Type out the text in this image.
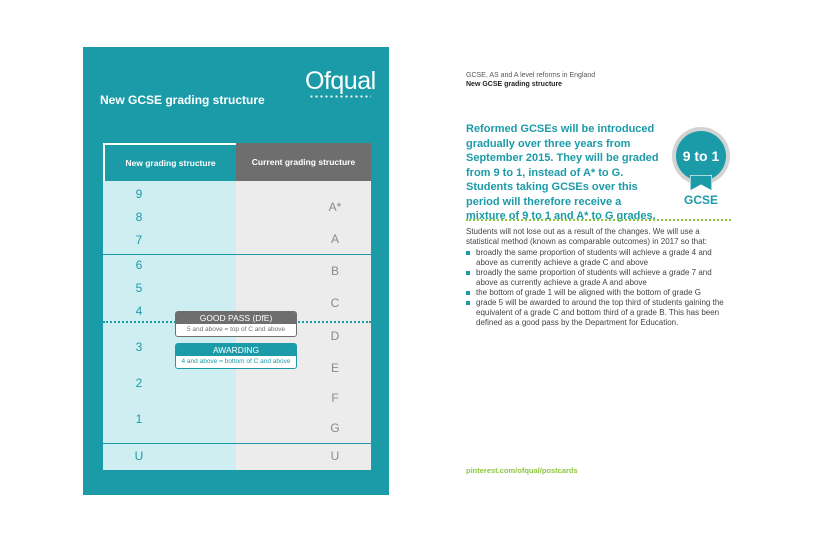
Ofqual
New GCSE grading structure
New grading structure	Current grading structure
9
8
7
6
5
4
3
2
1
U
A*
A
B
C
D
E
F
G
U
GOOD PASS (DfE)
5 and above = top of C and above
AWARDING
4 and above = bottom of C and above
GCSE, AS and A level reforms in England
New GCSE grading structure
Reformed GCSEs will be introduced gradually over three years from September 2015. They will be graded from 9 to 1, instead of A* to G. Students taking GCSEs over this period will therefore receive a mixture of 9 to 1 and A* to G grades.
9 to 1
GCSE

Students will not lose out as a result of the changes. We will use a statistical method (known as comparable outcomes) in 2017 so that:

broadly the same proportion of students will achieve a grade 4 and above as currently achieve a grade C and above
broadly the same proportion of students will achieve a grade 7 and above as currently achieve a grade A and above
the bottom of grade 1 will be aligned with the bottom of grade G
grade 5 will be awarded to around the top third of students gaining the equivalent of a grade C and bottom third of a grade B. This has been defined as a good pass by the Department for Education.
pinterest.com/ofqual/postcards
